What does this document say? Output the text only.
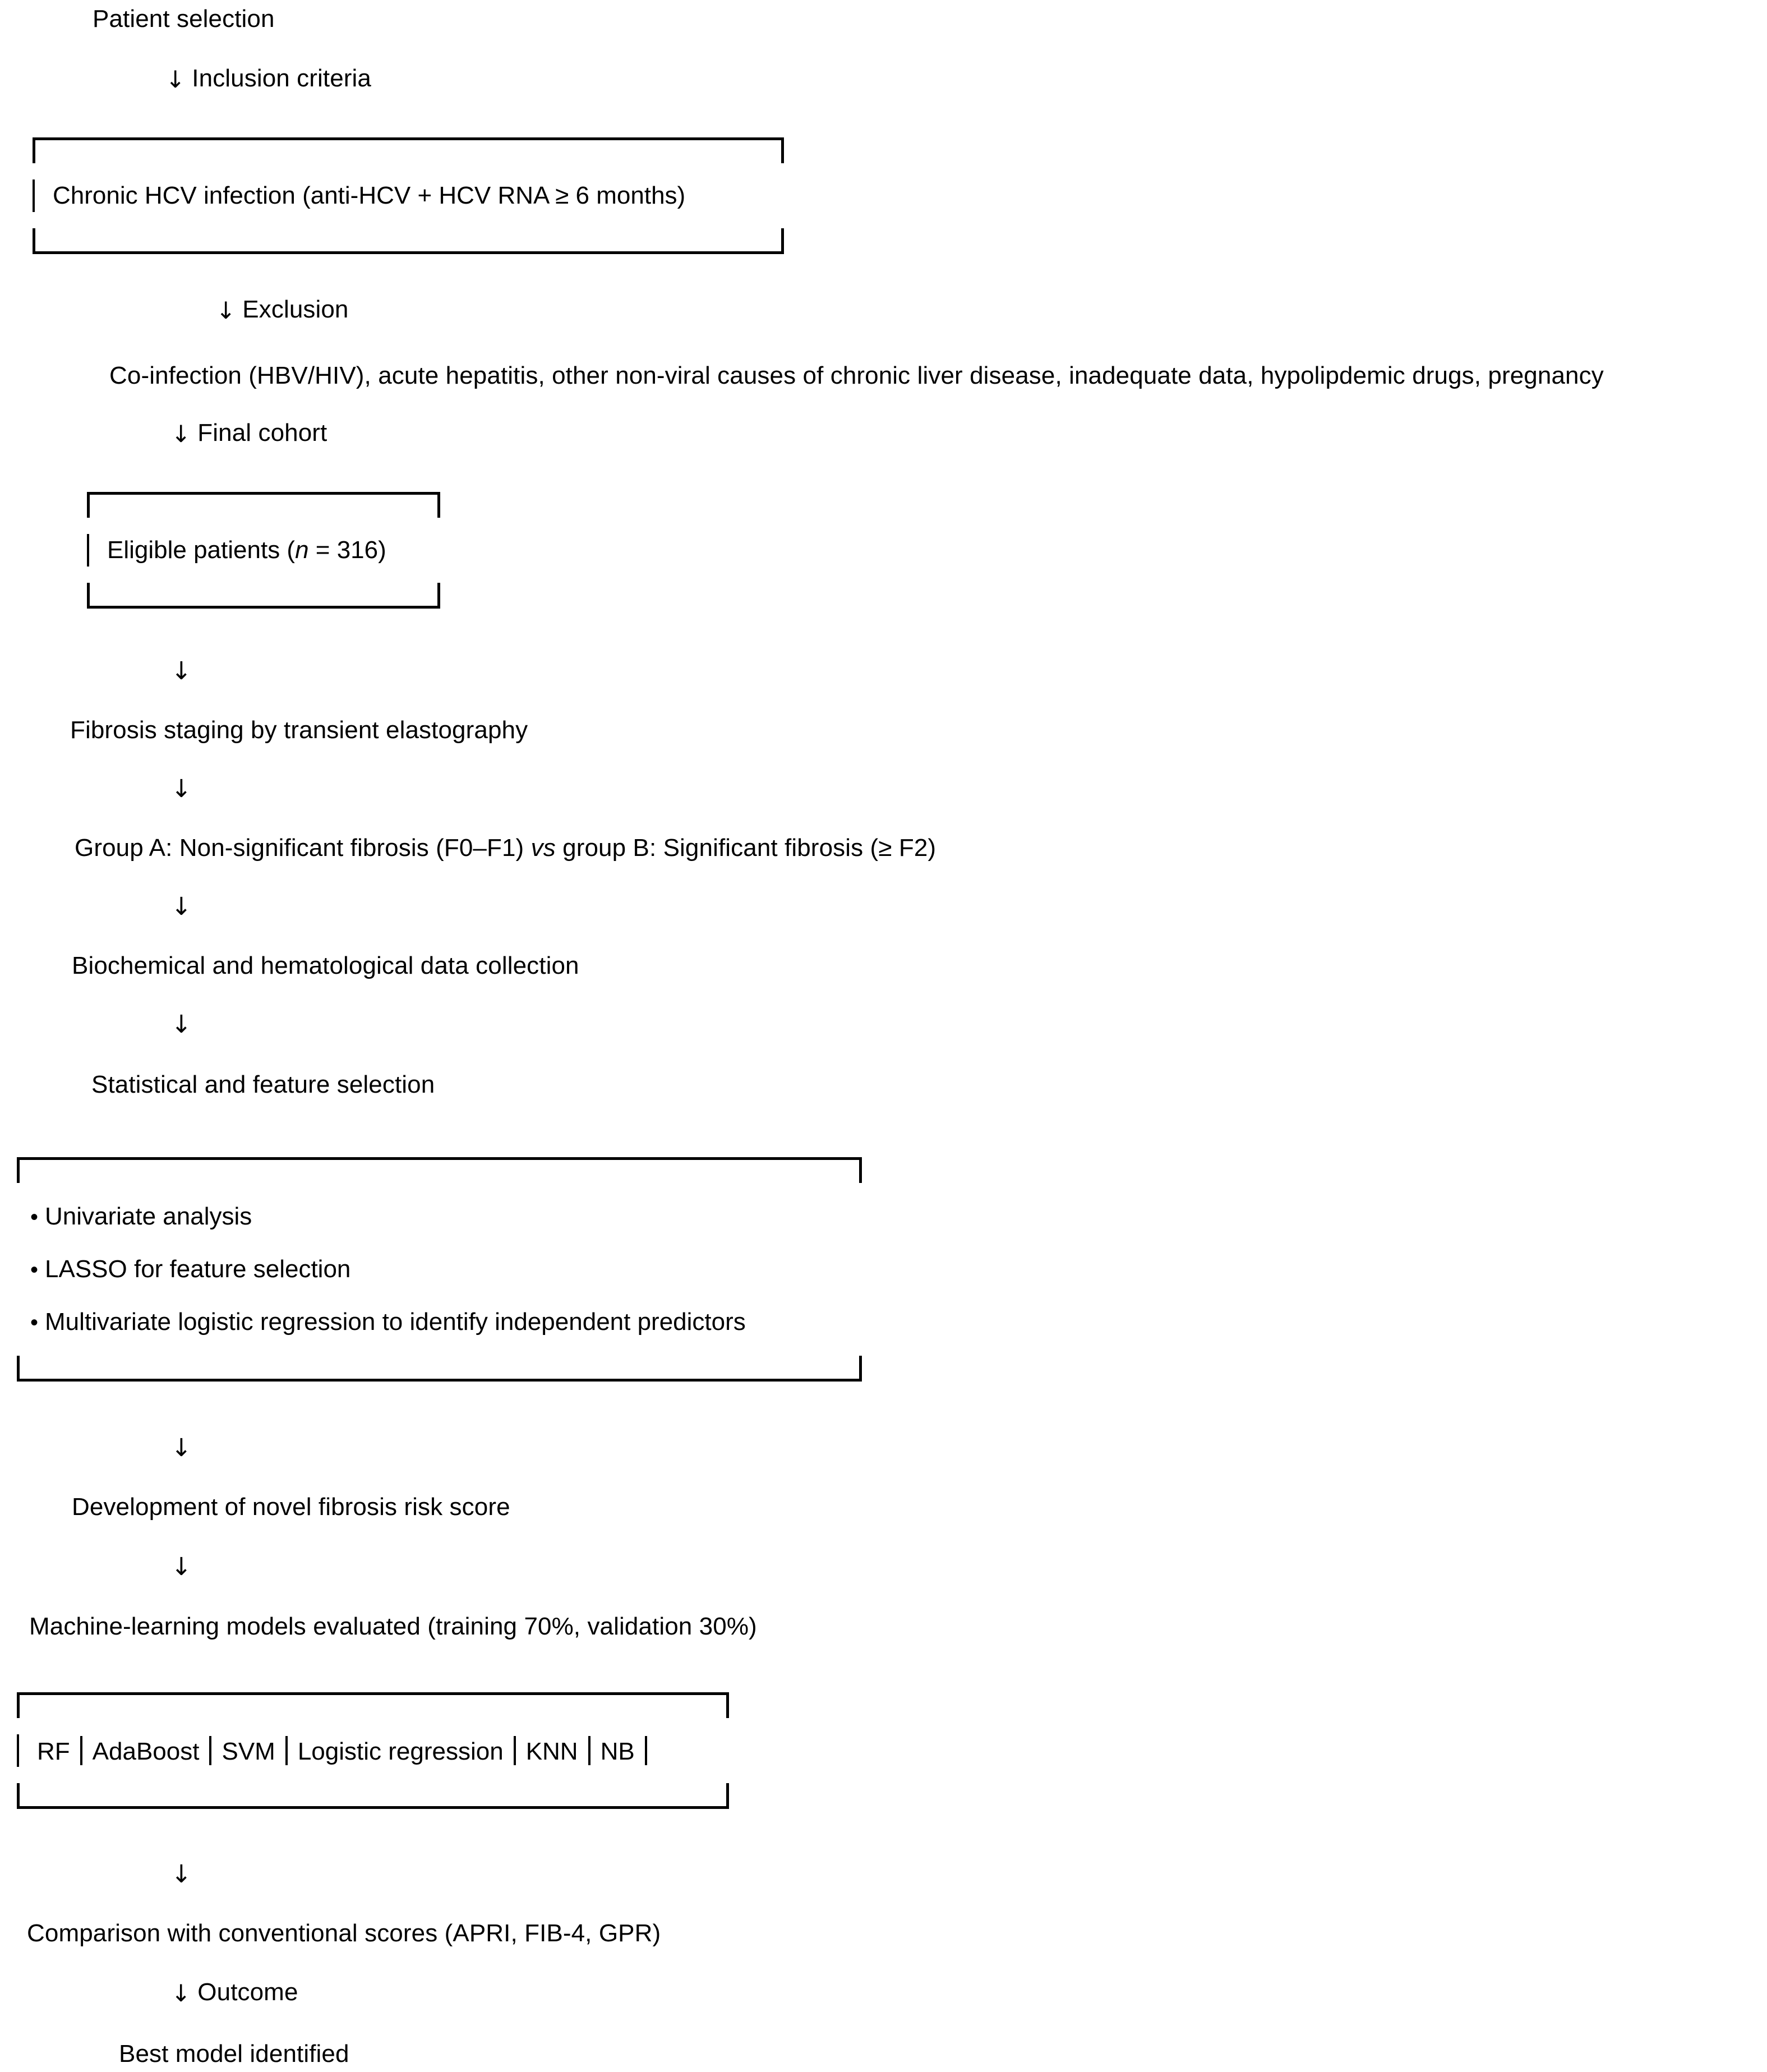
Patient selection
↓ Inclusion criteria
Chronic HCV infection (anti-HCV + HCV RNA ≥ 6 months)
↓ Exclusion
Co-infection (HBV/HIV), acute hepatitis, other non-viral causes of chronic liver disease, inadequate data, hypolipdemic drugs, pregnancy
↓ Final cohort
Eligible patients (n = 316)
↓
Fibrosis staging by transient elastography
↓
Group A: Non-significant fibrosis (F0–F1) vs group B: Significant fibrosis (≥ F2)
↓
Biochemical and hematological data collection
↓
Statistical and feature selection
• Univariate analysis
• LASSO for feature selection
• Multivariate logistic regression to identify independent predictors
↓
Development of novel fibrosis risk score
↓
Machine-learning models evaluated (training 70%, validation 30%)
RF AdaBoost SVM Logistic regression KNN NB
↓
Comparison with conventional scores (APRI, FIB-4, GPR)
↓ Outcome
Best model identified
